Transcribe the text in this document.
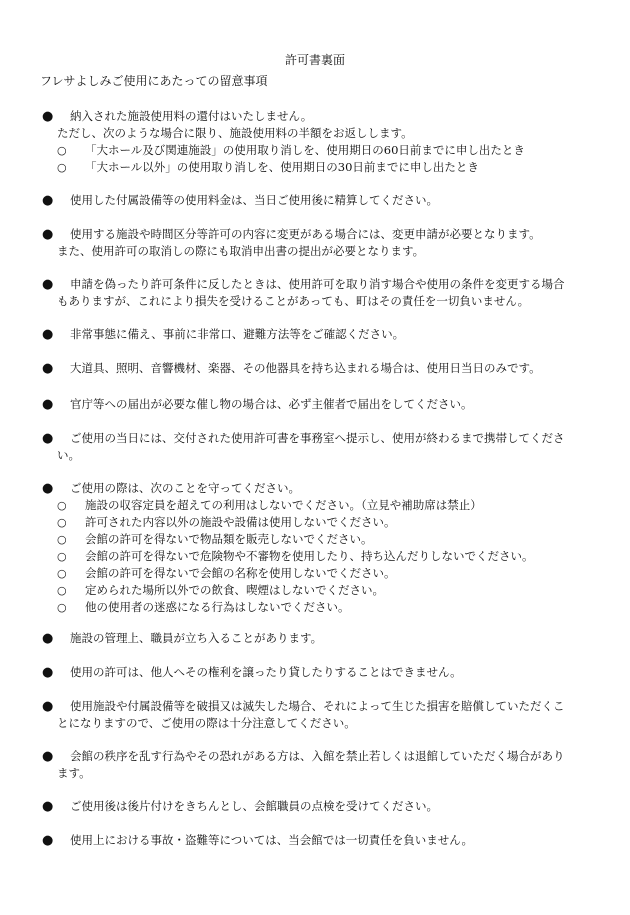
許可書裏面
フレサよしみご使用にあたっての留意事項
●	納入された施設使用料の還付はいたしません。
ただし、次のような場合に限り、施設使用料の半額をお返しします。
○ 「大ホール及び関連施設」の使用取り消しを、使用期日の60日前までに申し出たとき
○ 「大ホール以外」の使用取り消しを、使用期日の30日前までに申し出たとき
●	使用した付属設備等の使用料金は、当日ご使用後に精算してください。
●	使用する施設や時間区分等許可の内容に変更がある場合には、変更申請が必要となります。
また、使用許可の取消しの際にも取消申出書の提出が必要となります。
●	申請を偽ったり許可条件に反したときは、使用許可を取り消す場合や使用の条件を変更する場合
もありますが、これにより損失を受けることがあっても、町はその責任を一切負いません。
●	非常事態に備え、事前に非常口、避難方法等をご確認ください。
●	大道具、照明、音響機材、楽器、その他器具を持ち込まれる場合は、使用日当日のみです。
●	官庁等への届出が必要な催し物の場合は、必ず主催者で届出をしてください。
●	ご使用の当日には、交付された使用許可書を事務室へ提示し、使用が終わるまで携帯してくださ
い。
●	ご使用の際は、次のことを守ってください。
○ 施設の収容定員を超えての利用はしないでください。（立見や補助席は禁止）
○ 許可された内容以外の施設や設備は使用しないでください。
○ 会館の許可を得ないで物品類を販売しないでください。
○ 会館の許可を得ないで危険物や不審物を使用したり、持ち込んだりしないでください。
○ 会館の許可を得ないで会館の名称を使用しないでください。
○ 定められた場所以外での飲食、喫煙はしないでください。
○ 他の使用者の迷惑になる行為はしないでください。
●	施設の管理上、職員が立ち入ることがあります。
●	使用の許可は、他人へその権利を譲ったり貸したりすることはできません。
●	使用施設や付属設備等を破損又は滅失した場合、それによって生じた損害を賠償していただくこ
とになりますので、ご使用の際は十分注意してください。
●	会館の秩序を乱す行為やその恐れがある方は、入館を禁止若しくは退館していただく場合があり
ます。
●	ご使用後は後片付けをきちんとし、会館職員の点検を受けてください。
●	使用上における事故・盗難等については、当会館では一切責任を負いません。
